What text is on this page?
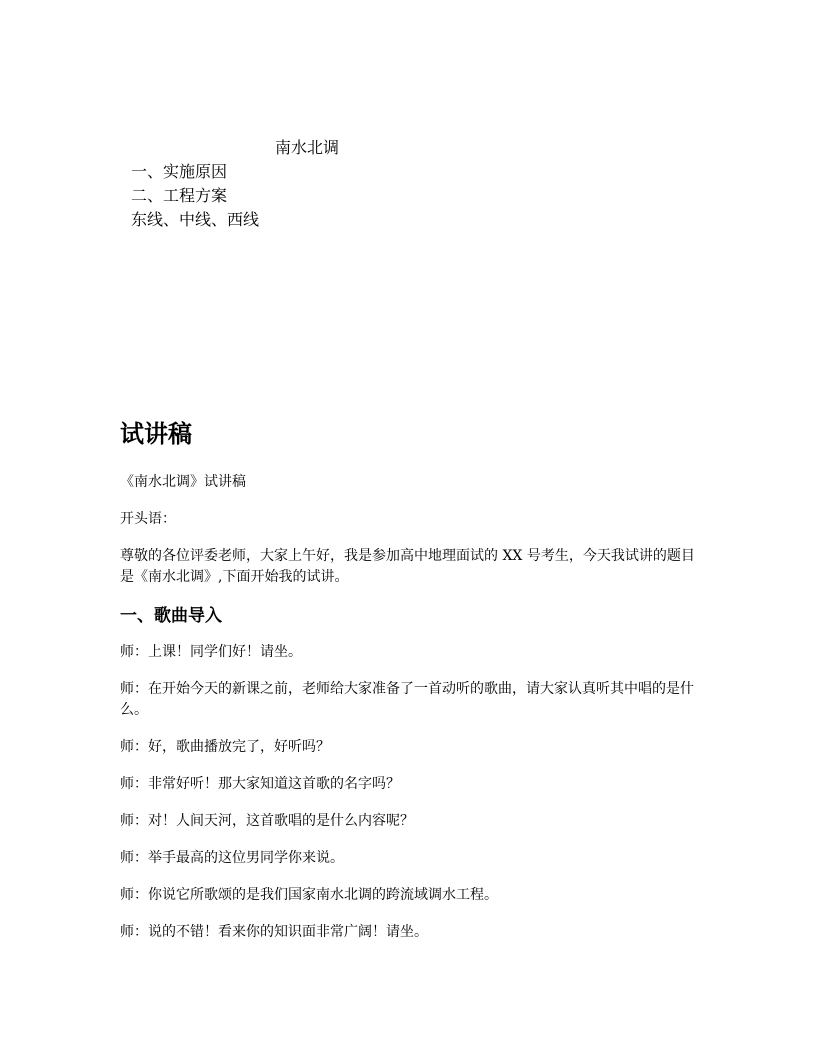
南水北调
一、实施原因
二、工程方案
东线、中线、西线
试讲稿

《南水北调》试讲稿

开头语：

尊敬的各位评委老师，大家上午好，我是参加高中地理面试的 XX 号考生，今天我试讲的题目是《南水北调》,下面开始我的试讲。

一、歌曲导入

师：上课！同学们好！请坐。

师：在开始今天的新课之前，老师给大家准备了一首动听的歌曲，请大家认真听其中唱的是什么。

师：好，歌曲播放完了，好听吗？

师：非常好听！那大家知道这首歌的名字吗？

师：对！人间天河，这首歌唱的是什么内容呢？

师：举手最高的这位男同学你来说。

师：你说它所歌颂的是我们国家南水北调的跨流域调水工程。

师：说的不错！看来你的知识面非常广阔！请坐。
